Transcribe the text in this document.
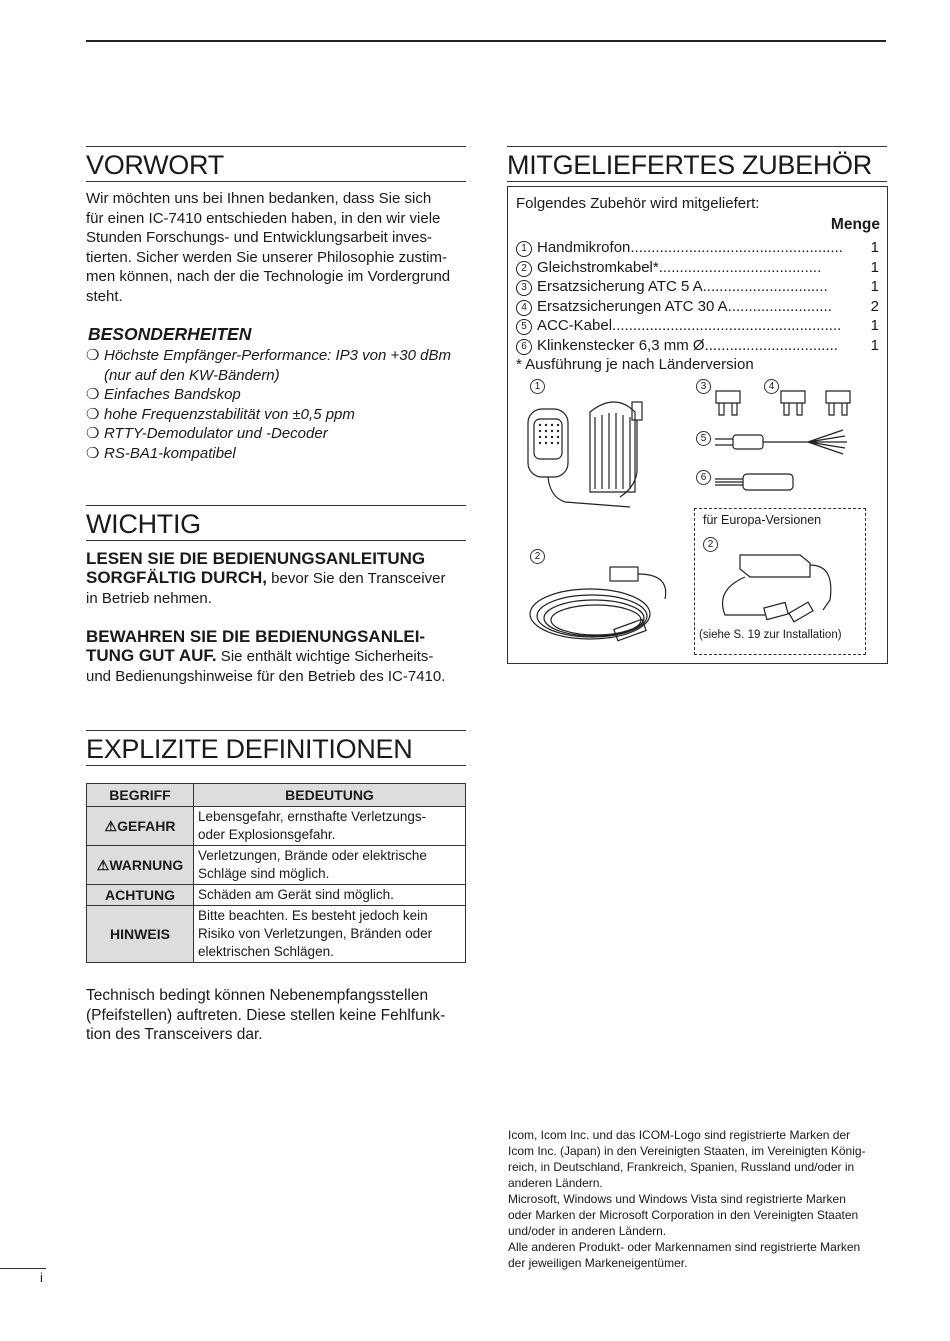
VORWORT
Wir möchten uns bei Ihnen bedanken, dass Sie sich
für einen IC-7410 entschieden haben, in den wir viele
Stunden Forschungs- und Entwicklungsarbeit inves-
tierten. Sicher werden Sie unserer Philosophie zustim-
men können, nach der die Technologie im Vordergrund
steht.
BESONDERHEITEN
❍ Höchste Empfänger-Performance: IP3 von +30 dBm
(nur auf den KW-Bändern)
❍ Einfaches Bandskop
❍ hohe Frequenzstabilität von ±0,5 ppm
❍ RTTY-Demodulator und -Decoder
❍ RS-BA1-kompatibel
WICHTIG
LESEN SIE DIE BEDIENUNGSANLEITUNG
SORGFÄLTIG DURCH, bevor Sie den Transceiver
in Betrieb nehmen.
BEWAHREN SIE DIE BEDIENUNGSANLEI-
TUNG GUT AUF. Sie enthält wichtige Sicherheits-
und Bedienungshinweise für den Betrieb des IC-7410.
EXPLIZITE DEFINITIONEN
BEGRIFF	BEDEUTUNG
⚠GEFAHR	Lebensgefahr, ernsthafte Verletzungs-
oder Explosionsgefahr.

⚠WARNUNG	Verletzungen, Brände oder elektrische
Schläge sind möglich.

ACHTUNG	Schäden am Gerät sind möglich.

HINWEIS	Bitte beachten. Es besteht jedoch kein
Risiko von Verletzungen, Bränden oder
elektrischen Schlägen.
Technisch bedingt können Nebenempfangsstellen
(Pfeifstellen) auftreten. Diese stellen keine Fehlfunk-
tion des Transceivers dar.
MITGELIEFERTES ZUBEHÖR
Folgendes Zubehör wird mitgeliefert:
Menge
1 Handmikrofon................................................... 1
2 Gleichstromkabel*.......................................	1
3 Ersatzsicherung ATC 5 A..............................	1
4 Ersatzsicherungen ATC 30 A.........................	2
5 ACC-Kabel....................................................... 1
6 Klinkenstecker 6,3 mm Ø................................ 1
* Ausführung je nach Länderversion
1	3	4
5
6
2
für Europa-Versionen
2
(siehe S. 19 zur Installation)
Icom, Icom Inc. und das ICOM-Logo sind registrierte Marken der
Icom Inc. (Japan) in den Vereinigten Staaten, im Vereinigten König-
reich, in Deutschland, Frankreich, Spanien, Russland und/oder in
anderen Ländern.
Microsoft, Windows und Windows Vista sind registrierte Marken
oder Marken der Microsoft Corporation in den Vereinigten Staaten
und/oder in anderen Ländern.
Alle anderen Produkt- oder Markennamen sind registrierte Marken
der jeweiligen Markeneigentümer.
i
